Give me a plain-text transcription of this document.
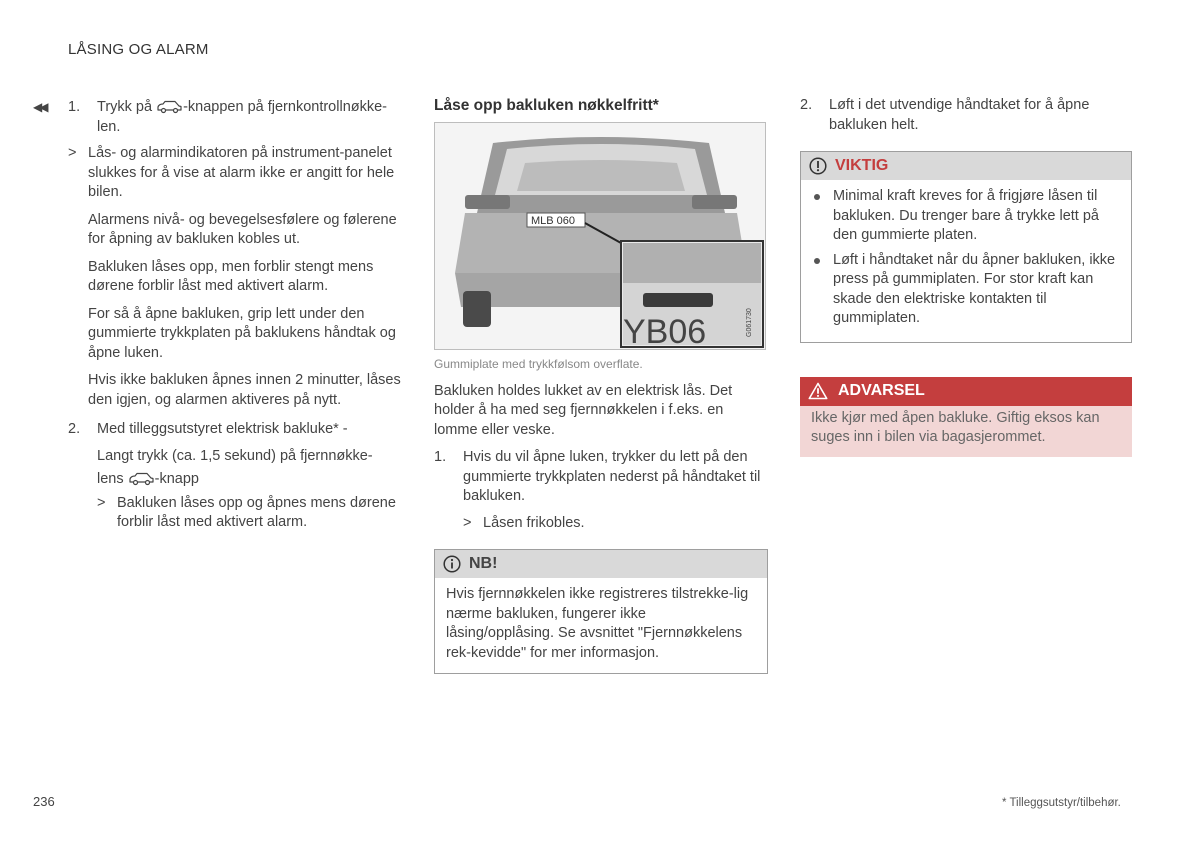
LÅSING OG ALARM
◀◀ 1. Trykk på -knappen på fjernkontrollnøkke-len.
> Lås- og alarmindikatoren på instrument-panelet slukkes for å vise at alarm ikke er angitt for hele bilen.
Alarmens nivå- og bevegelsesfølere og følerene for åpning av bakluken kobles ut.
Bakluken låses opp, men forblir stengt mens dørene forblir låst med aktivert alarm.
For så å åpne bakluken, grip lett under den gummierte trykkplaten på baklukens håndtak og åpne luken.
Hvis ikke bakluken åpnes innen 2 minutter, låses den igjen, og alarmen aktiveres på nytt.
2. Med tilleggsutstyret elektrisk bakluke* -
Langt trykk (ca. 1,5 sekund) på fjernnøkke-
lens -knapp
> Bakluken låses opp og åpnes mens dørene forblir låst med aktivert alarm.
Låse opp bakluken nøkkelfritt*
MLB 060
YB06	G061730
Gummiplate med trykkfølsom overflate.
Bakluken holdes lukket av en elektrisk lås. Det holder å ha med seg fjernnøkkelen i f.eks. en lomme eller veske.
1. Hvis du vil åpne luken, trykker du lett på den gummierte trykkplaten nederst på håndtaket til bakluken.
> Låsen frikobles.
NB!
Hvis fjernnøkkelen ikke registreres tilstrekke-lig nærme bakluken, fungerer ikke låsing/opplåsing. Se avsnittet "Fjernnøkkelens rek-kevidde" for mer informasjon.
2. Løft i det utvendige håndtaket for å åpne bakluken helt.
VIKTIG
Minimal kraft kreves for å frigjøre låsen til bakluken. Du trenger bare å trykke lett på den gummierte platen.
Løft i håndtaket når du åpner bakluken, ikke press på gummiplaten. For stor kraft kan skade den elektriske kontakten til gummiplaten.
ADVARSEL
Ikke kjør med åpen bakluke. Giftig eksos kan suges inn i bilen via bagasjerommet.
236	* Tilleggsutstyr/tilbehør.
